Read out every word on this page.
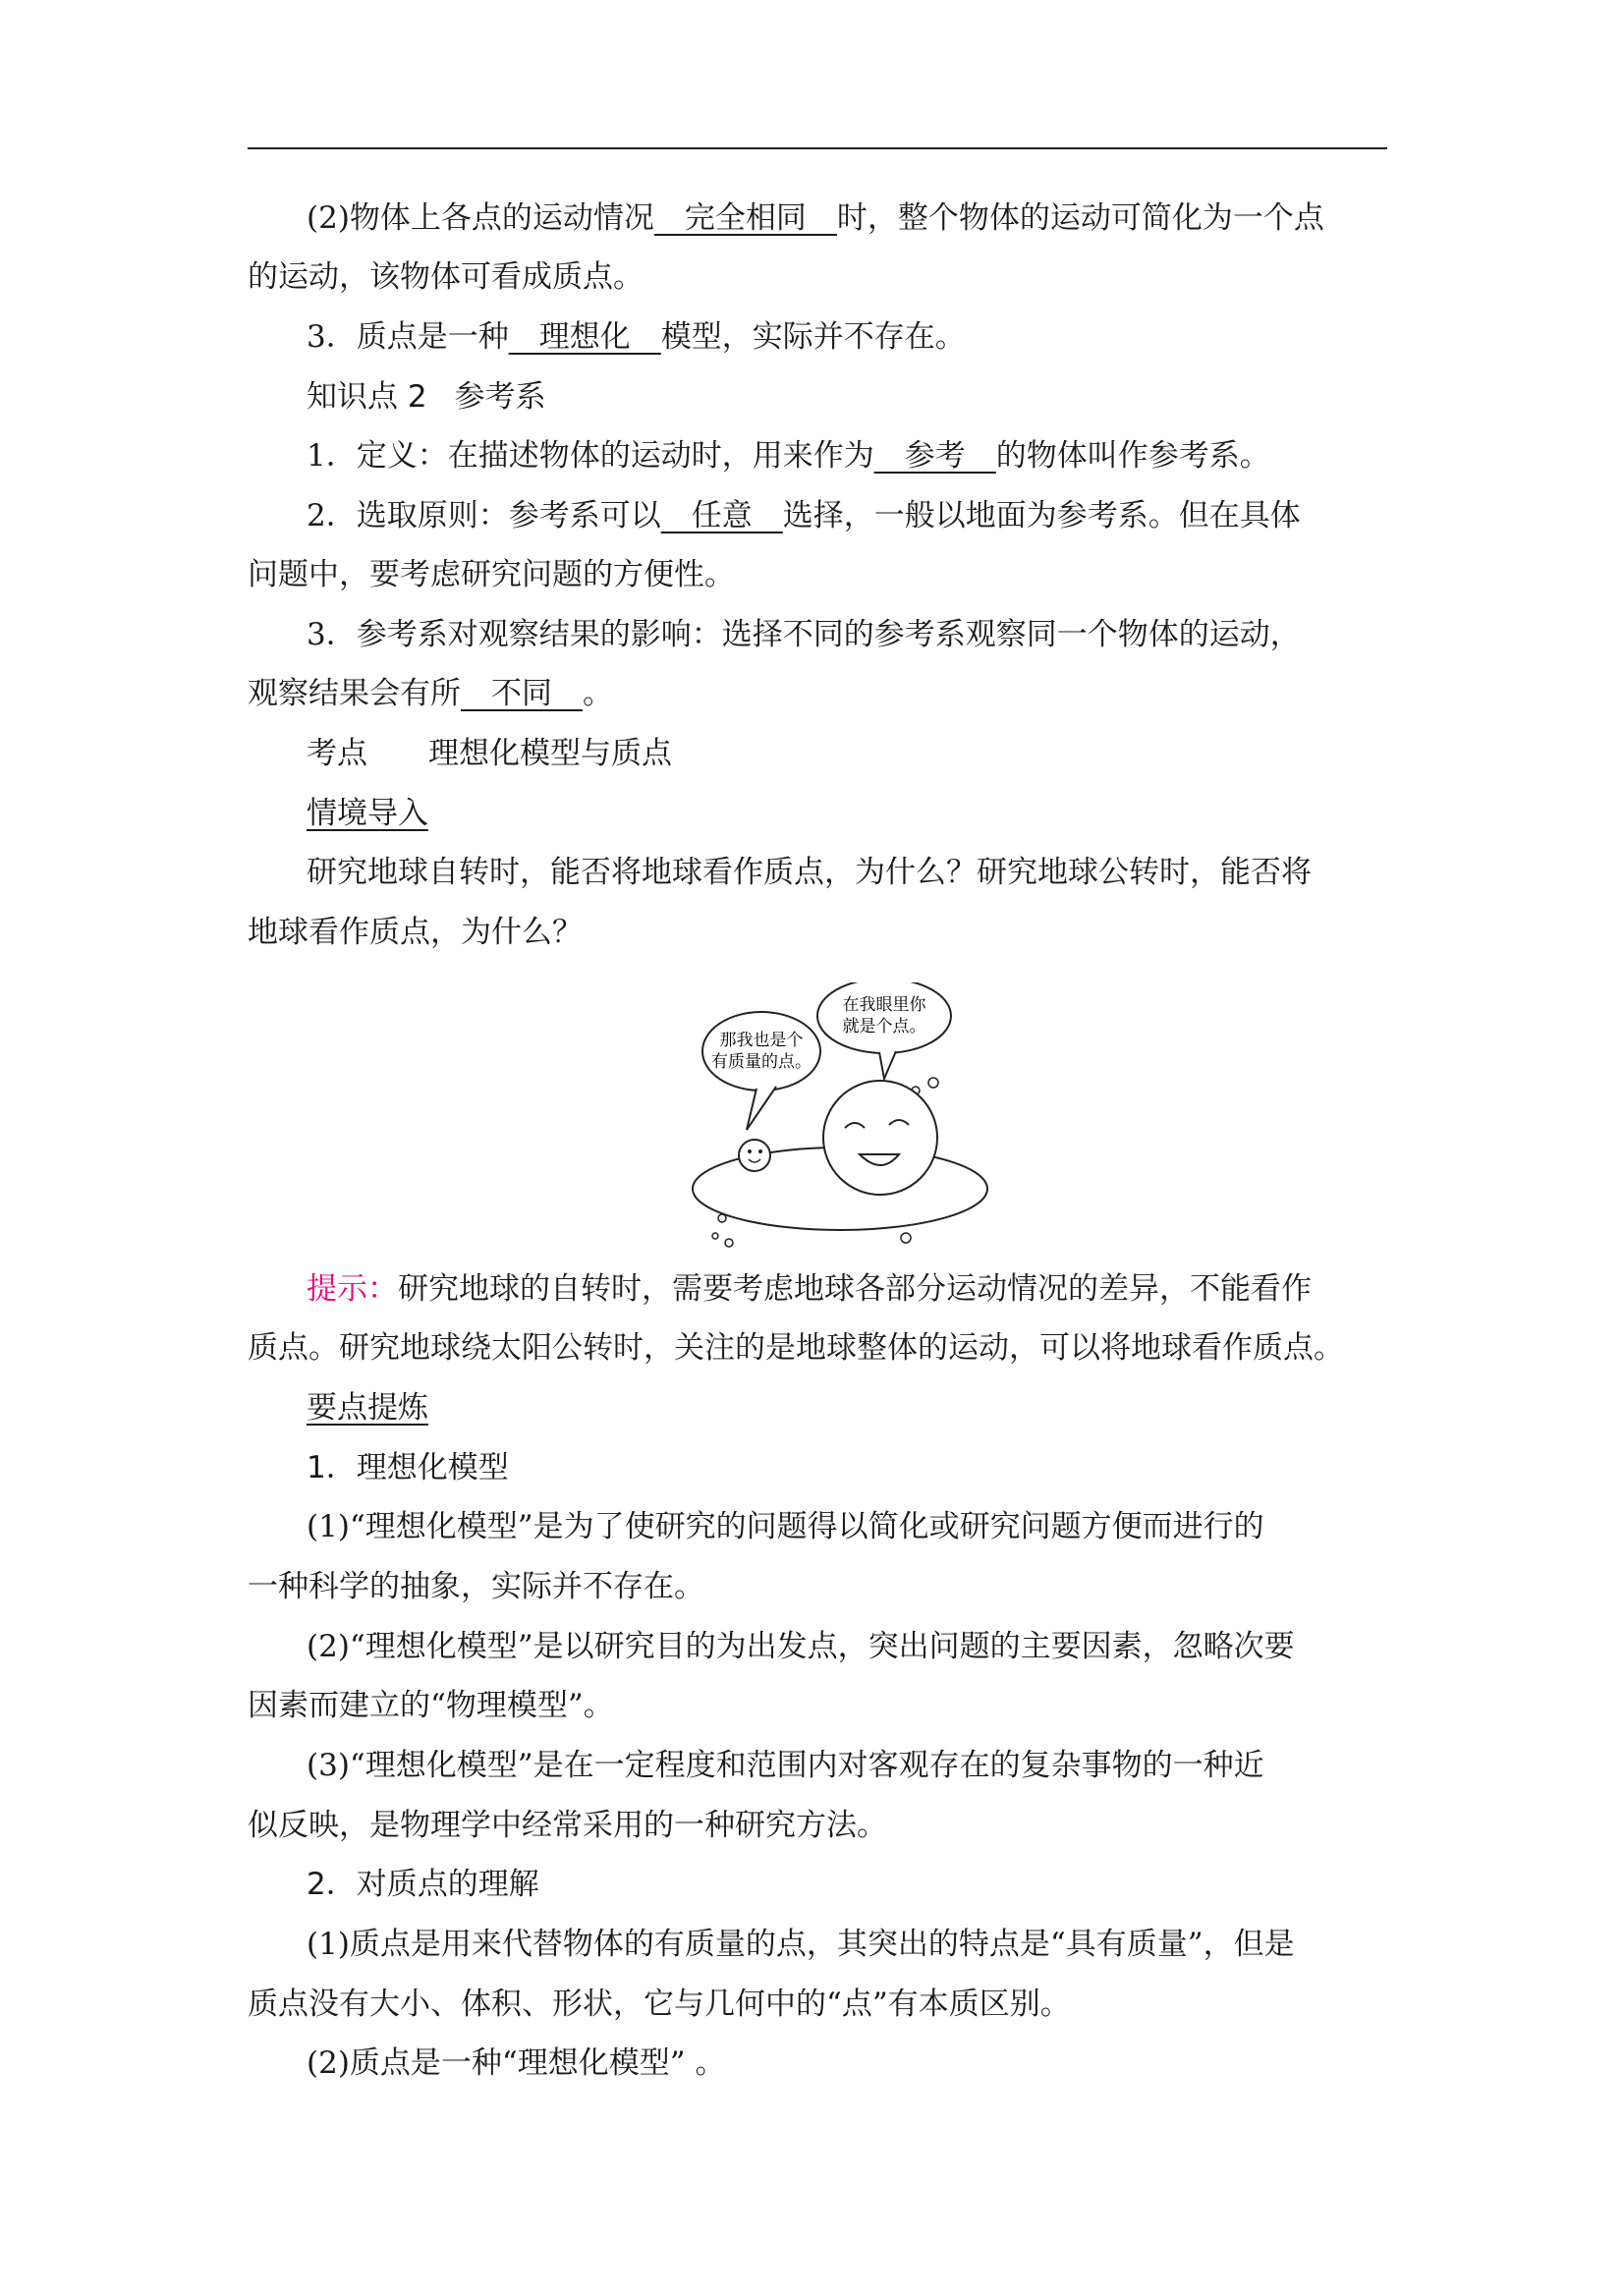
(2)物体上各点的运动情况__完全相同__时，整个物体的运动可简化为一个点
的运动，该物体可看成质点。
3．质点是一种__理想化__模型，实际并不存在。
知识点 2 参考系
1．定义：在描述物体的运动时，用来作为__参考__的物体叫作参考系。
2．选取原则：参考系可以__任意__选择，一般以地面为参考系。但在具体
问题中，要考虑研究问题的方便性。
3．参考系对观察结果的影响：选择不同的参考系观察同一个物体的运动，
观察结果会有所__不同__。
考点 理想化模型与质点
情境导入
研究地球自转时，能否将地球看作质点，为什么？研究地球公转时，能否将
地球看作质点，为什么？
那我也是个
有质量的点。
在我眼里你
就是个点。
提示：研究地球的自转时，需要考虑地球各部分运动情况的差异，不能看作
质点。研究地球绕太阳公转时，关注的是地球整体的运动，可以将地球看作质点。
要点提炼
1．理想化模型
(1)“理想化模型”是为了使研究的问题得以简化或研究问题方便而进行的
一种科学的抽象，实际并不存在。
(2)“理想化模型”是以研究目的为出发点，突出问题的主要因素，忽略次要
因素而建立的“物理模型”。
(3)“理想化模型”是在一定程度和范围内对客观存在的复杂事物的一种近
似反映，是物理学中经常采用的一种研究方法。
2．对质点的理解
(1)质点是用来代替物体的有质量的点，其突出的特点是“具有质量”，但是
质点没有大小、体积、形状，它与几何中的“点”有本质区别。
(2)质点是一种“理想化模型” 。
